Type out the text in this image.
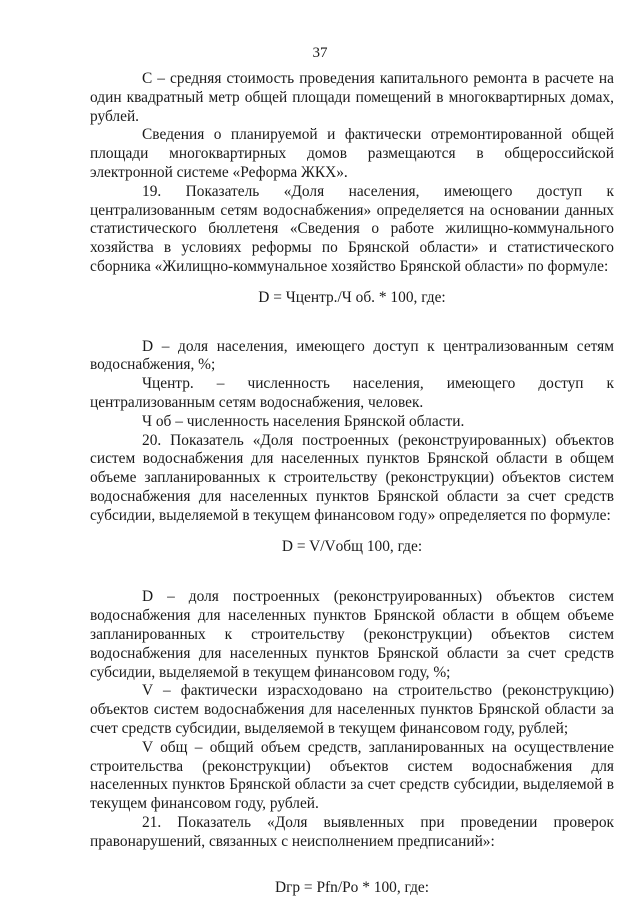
37

С – средняя стоимость проведения капитального ремонта в расчете на один квадратный метр общей площади помещений в многоквартирных домах, рублей.

Сведения о планируемой и фактически отремонтированной общей площади многоквартирных домов размещаются в общероссийской электронной системе «Реформа ЖКХ».

19. Показатель «Доля населения, имеющего доступ к централизованным сетям водоснабжения» определяется на основании данных статистического бюллетеня «Сведения о работе жилищно-коммунального хозяйства в условиях реформы по Брянской области» и статистического сборника «Жилищно-коммунальное хозяйство Брянской области» по формуле:

D = Чцентр./Ч об. * 100, где:

D – доля населения, имеющего доступ к централизованным сетям водоснабжения, %;

Чцентр. – численность населения, имеющего доступ к централизованным сетям водоснабжения, человек.

Ч об – численность населения Брянской области.

20. Показатель «Доля построенных (реконструированных) объектов систем водоснабжения для населенных пунктов Брянской области в общем объеме запланированных к строительству (реконструкции) объектов систем водоснабжения для населенных пунктов Брянской области за счет средств субсидии, выделяемой в текущем финансовом году» определяется по формуле:

D = V/Vобщ 100, где:

D – доля построенных (реконструированных) объектов систем водоснабжения для населенных пунктов Брянской области в общем объеме запланированных к строительству (реконструкции) объектов систем водоснабжения для населенных пунктов Брянской области за счет средств субсидии, выделяемой в текущем финансовом году, %;

V – фактически израсходовано на строительство (реконструкцию) объектов систем водоснабжения для населенных пунктов Брянской области за счет средств субсидии, выделяемой в текущем финансовом году, рублей;

V общ – общий объем средств, запланированных на осуществление строительства (реконструкции) объектов систем водоснабжения для населенных пунктов Брянской области за счет средств субсидии, выделяемой в текущем финансовом году, рублей.

21. Показатель «Доля выявленных при проведении проверок правонарушений, связанных с неисполнением предписаний»:

Dгр = Pfn/Po * 100, где:
